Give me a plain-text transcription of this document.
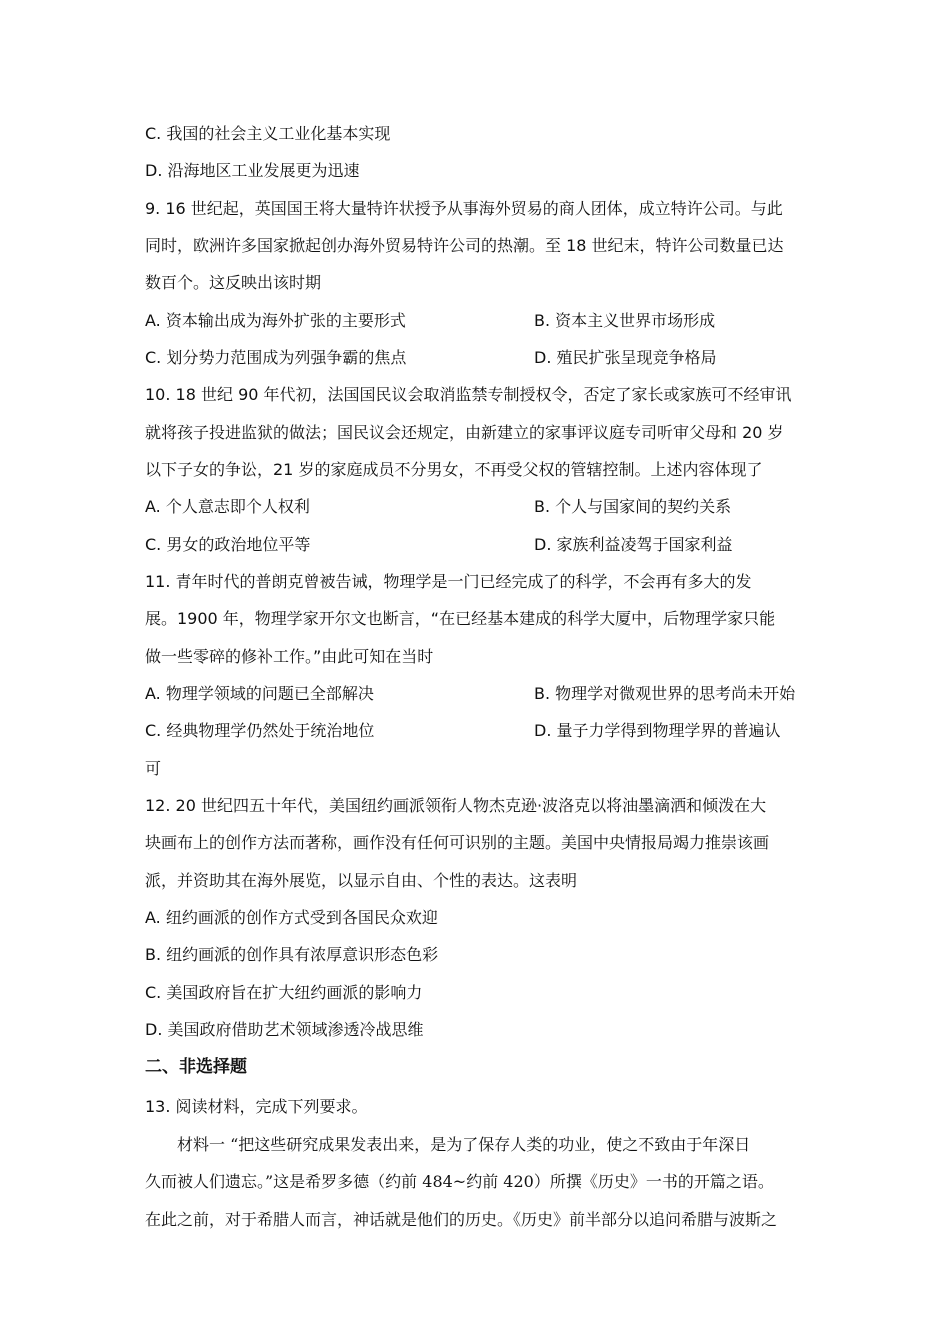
C. 我国的社会主义工业化基本实现
D. 沿海地区工业发展更为迅速
9. 16 世纪起，英国国王将大量特许状授予从事海外贸易的商人团体，成立特许公司。与此
同时，欧洲许多国家掀起创办海外贸易特许公司的热潮。至 18 世纪末，特许公司数量已达
数百个。这反映出该时期
A. 资本输出成为海外扩张的主要形式	B. 资本主义世界市场形成
C. 划分势力范围成为列强争霸的焦点	D. 殖民扩张呈现竞争格局
10. 18 世纪 90 年代初，法国国民议会取消监禁专制授权令，否定了家长或家族可不经审讯
就将孩子投进监狱的做法；国民议会还规定，由新建立的家事评议庭专司听审父母和 20 岁
以下子女的争讼，21 岁的家庭成员不分男女，不再受父权的管辖控制。上述内容体现了
A. 个人意志即个人权利	B. 个人与国家间的契约关系
C. 男女的政治地位平等	D. 家族利益凌驾于国家利益
11. 青年时代的普朗克曾被告诫，物理学是一门已经完成了的科学，不会再有多大的发
展。1900 年，物理学家开尔文也断言，“在已经基本建成的科学大厦中，后物理学家只能
做一些零碎的修补工作。”由此可知在当时
A. 物理学领域的问题已全部解决	B. 物理学对微观世界的思考尚未开始
C. 经典物理学仍然处于统治地位	D. 量子力学得到物理学界的普遍认
可
12. 20 世纪四五十年代，美国纽约画派领衔人物杰克逊·波洛克以将油墨滴洒和倾泼在大
块画布上的创作方法而著称，画作没有任何可识别的主题。美国中央情报局竭力推崇该画
派，并资助其在海外展览，以显示自由、个性的表达。这表明
A. 纽约画派的创作方式受到各国民众欢迎
B. 纽约画派的创作具有浓厚意识形态色彩
C. 美国政府旨在扩大纽约画派的影响力
D. 美国政府借助艺术领域渗透冷战思维
二、非选择题
13. 阅读材料，完成下列要求。
材料一 “把这些研究成果发表出来，是为了保存人类的功业，使之不致由于年深日
久而被人们遗忘。”这是希罗多德（约前 484~约前 420）所撰《历史》一书的开篇之语。
在此之前，对于希腊人而言，神话就是他们的历史。《历史》前半部分以追问希腊与波斯之
